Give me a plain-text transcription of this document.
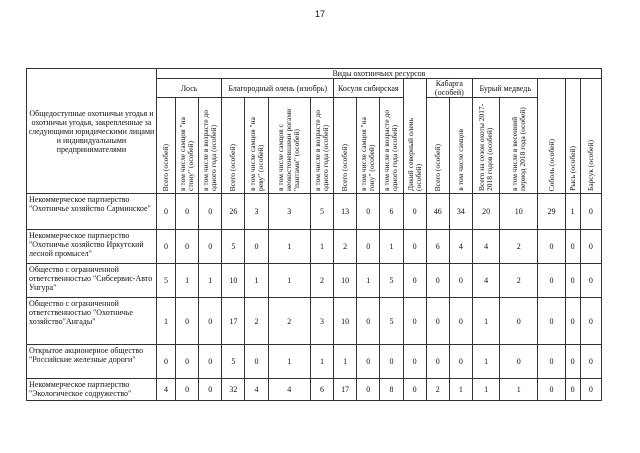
17
Общедоступные охотничьи угодья и охотничьи угодья, закрепленные за следующими юридическими лицами и индивидуальными предпринимателями	Виды охотничьих ресурсов																	
	Лось			Благородный олень (изюбрь)				Косуля сибирская			Дикий северный олень (особей)	Кабарга (особей)		Бурый медведь		Соболь (особей)	Рысь (особей)	Барсук (особей)

	Всего (особей)	в том числе самцов "на стону" (особей)	в том числе в возрасте до одного года (особей)	Всего (особей)	в том числе самцов "на реву" (особей)	в том числе самцов с неокостеневшими рогами "пантами" (особей)	в том числе в возрасте до одного года (особей)	Всего (особей)	в том числе самцов "на гону" (особей)	в том числе в возрасте до одного года (особей)		Всего (особей)	в том числе самцов	Всего на сезон охоты 2017-2018 годов (особей)	в том числе в весенний период 2018 года (особей)			

Некоммерческое партнерство "Охотничье хозяйство Сарминское"	0	0	0	26	3	3	5	13	0	6	0	46	34	20	10	29	1	0
Некоммерческое партнерство "Охотничье хозяйство Иркутский лесной промысел"	0	0	0	5	0	1	1	2	0	1	0	6	4	4	2	0	0	0
Общество с ограниченной ответственностью "Сибсервис-Авто Унгура"	5	1	1	10	1	1	2	10	1	5	0	0	0	4	2	0	0	0
Общество с ограниченной ответственностью "Охотничье хозяйство"Ангады"	1	0	0	17	2	2	3	10	0	5	0	0	0	1	0	0	0	0
Открытое акционерное общество "Российские железные дороги"	0	0	0	5	0	1	1	1	0	0	0	0	0	1	0	0	0	0
Некоммерческое партнерство "Экологическое содружество"	4	0	0	32	4	4	6	17	0	8	0	2	1	1	1	0	0	0
